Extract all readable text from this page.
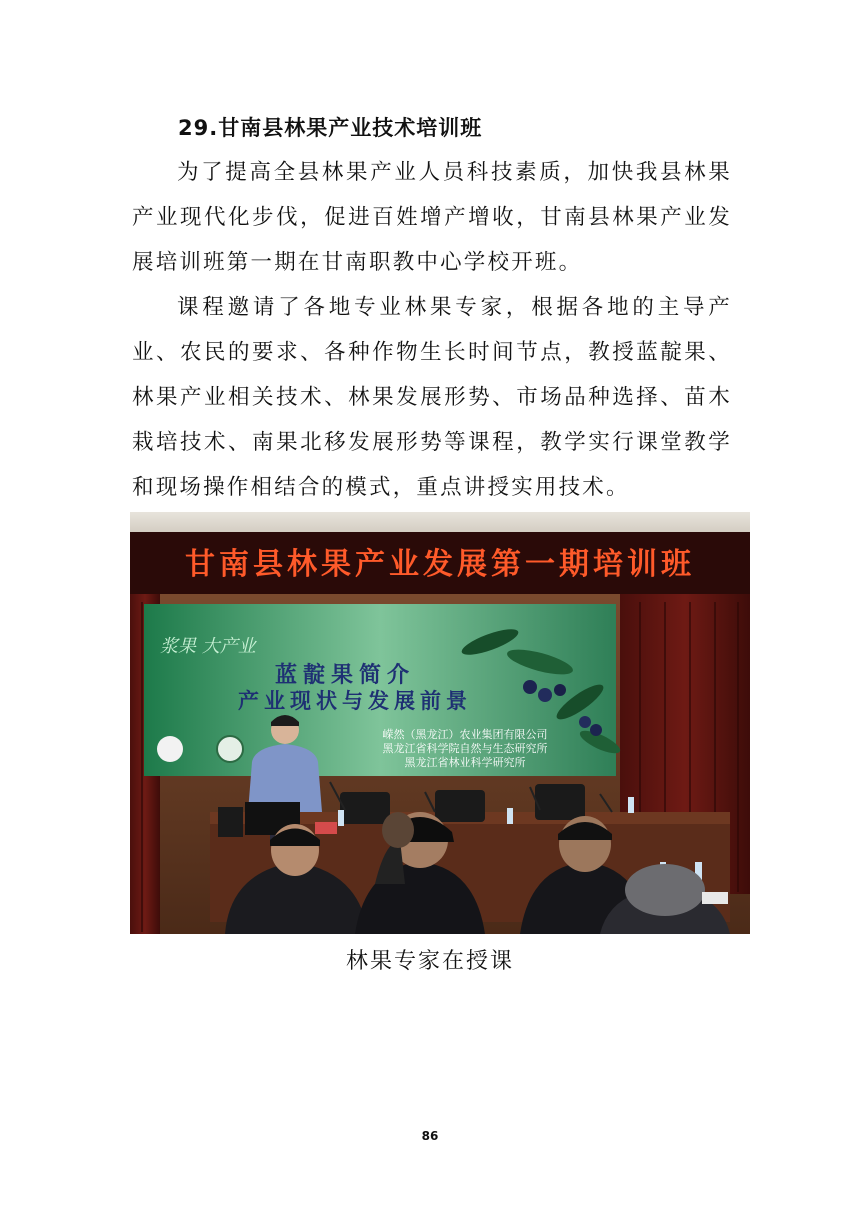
29.甘南县林果产业技术培训班

为了提高全县林果产业人员科技素质，加快我县林果产业现代化步伐，促进百姓增产增收，甘南县林果产业发展培训班第一期在甘南职教中心学校开班。

课程邀请了各地专业林果专家，根据各地的主导产业、农民的要求、各种作物生长时间节点，教授蓝靛果、林果产业相关技术、林果发展形势、市场品种选择、苗木栽培技术、南果北移发展形势等课程，教学实行课堂教学和现场操作相结合的模式，重点讲授实用技术。

甘南县林果产业发展第一期培训班
浆果 大产业
蓝靛果简介
产业现状与发展前景
嵘然（黑龙江）农业集团有限公司
黑龙江省科学院自然与生态研究所
黑龙江省林业科学研究所

林果专家在授课

86
